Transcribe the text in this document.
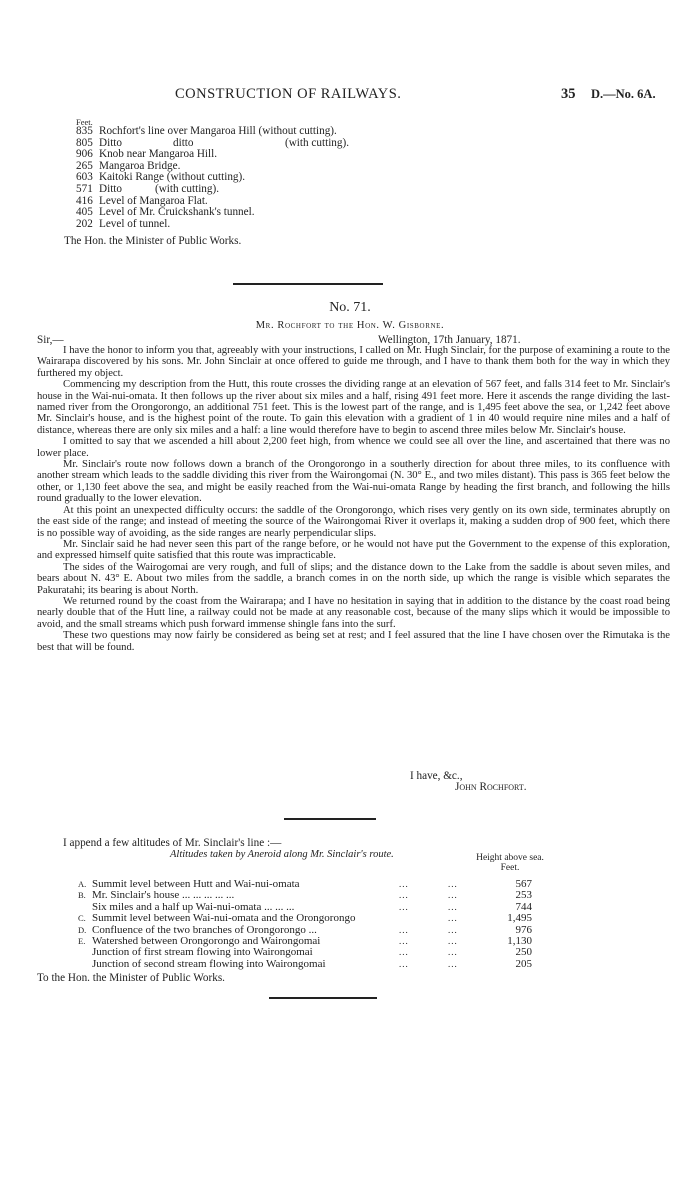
CONSTRUCTION OF RAILWAYS.	35 D.—No. 6A.
Feet.
835 Rochfort's line over Mangaroa Hill (without cutting).
805 Ditto	ditto	(with cutting).
906 Knob near Mangaroa Hill.
265 Mangaroa Bridge.
603 Kaitoki Range (without cutting).
571 Ditto	(with cutting).
416 Level of Mangaroa Flat.
405 Level of Mr. Cruickshank's tunnel.
202 Level of tunnel.
The Hon. the Minister of Public Works.
No. 71.
Mr. Rochfort to the Hon. W. Gisborne.
Sir,—	Wellington, 17th January, 1871.

I have the honor to inform you that, agreeably with your instructions, I called on Mr. Hugh Sinclair, for the purpose of examining a route to the Wairarapa discovered by his sons. Mr. John Sinclair at once offered to guide me through, and I have to thank them both for the way in which they furthered my object.

Commencing my description from the Hutt, this route crosses the dividing range at an elevation of 567 feet, and falls 314 feet to Mr. Sinclair's house in the Wai-nui-omata. It then follows up the river about six miles and a half, rising 491 feet more. Here it ascends the range dividing the last-named river from the Orongorongo, an additional 751 feet. This is the lowest part of the range, and is 1,495 feet above the sea, or 1,242 feet above Mr. Sinclair's house, and is the highest point of the route. To gain this elevation with a gradient of 1 in 40 would require nine miles and a half of distance, whereas there are only six miles and a half: a line would therefore have to begin to ascend three miles below Mr. Sinclair's house.

I omitted to say that we ascended a hill about 2,200 feet high, from whence we could see all over the line, and ascertained that there was no lower place.

Mr. Sinclair's route now follows down a branch of the Orongorongo in a southerly direction for about three miles, to its confluence with another stream which leads to the saddle dividing this river from the Wairongomai (N. 30° E., and two miles distant). This pass is 365 feet below the other, or 1,130 feet above the sea, and might be easily reached from the Wai-nui-omata Range by heading the first branch, and following the hills round gradually to the lower elevation.

At this point an unexpected difficulty occurs: the saddle of the Orongorongo, which rises very gently on its own side, terminates abruptly on the east side of the range; and instead of meeting the source of the Wairongomai River it overlaps it, making a sudden drop of 900 feet, which there is no possible way of avoiding, as the side ranges are nearly perpendicular slips.

Mr. Sinclair said he had never seen this part of the range before, or he would not have put the Government to the expense of this exploration, and expressed himself quite satisfied that this route was impracticable.

The sides of the Wairogomai are very rough, and full of slips; and the distance down to the Lake from the saddle is about seven miles, and bears about N. 43° E. About two miles from the saddle, a branch comes in on the north side, up which the range is visible which separates the Pakuratahi; its bearing is about North.

We returned round by the coast from the Wairarapa; and I have no hesitation in saying that in addition to the distance by the coast road being nearly double that of the Hutt line, a railway could not be made at any reasonable cost, because of the many slips which it would be impossible to avoid, and the small streams which push forward immense shingle fans into the surf.

These two questions may now fairly be considered as being set at rest; and I feel assured that the line I have chosen over the Rimutaka is the best that will be found.

I have, &c.,
John Rochfort.
I append a few altitudes of Mr. Sinclair's line :—
Altitudes taken by Aneroid along Mr. Sinclair's route.	Height above sea.
Feet.
A. Summit level between Hutt and Wai-nui-omata	...	...	567
B. Mr. Sinclair's house ... ... ... ... ...	...	...	253
Six miles and a half up Wai-nui-omata ... ... ...	...	...	744
C. Summit level between Wai-nui-omata and the Orongorongo	...	1,495
D. Confluence of the two branches of Orongorongo ...	...	...	976
E. Watershed between Orongorongo and Wairongomai	...	...	1,130
Junction of first stream flowing into Wairongomai	...	...	250
Junction of second stream flowing into Wairongomai	...	...	205
To the Hon. the Minister of Public Works.
